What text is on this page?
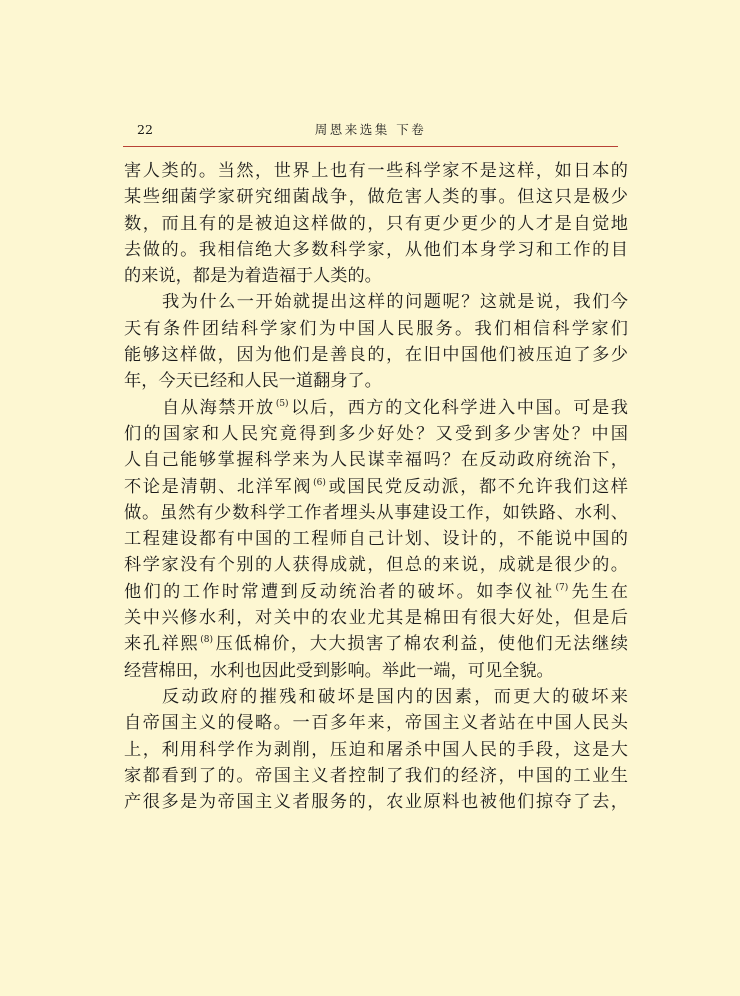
22	周恩来选集 下卷
害人类的。当然，世界上也有一些科学家不是这样，如日本的
某些细菌学家研究细菌战争，做危害人类的事。但这只是极少
数，而且有的是被迫这样做的，只有更少更少的人才是自觉地
去做的。我相信绝大多数科学家，从他们本身学习和工作的目
的来说，都是为着造福于人类的。
我为什么一开始就提出这样的问题呢？这就是说，我们今
天有条件团结科学家们为中国人民服务。我们相信科学家们
能够这样做，因为他们是善良的，在旧中国他们被压迫了多少
年，今天已经和人民一道翻身了。
自从海禁开放$^{(5)}$以后，西方的文化科学进入中国。可是我
们的国家和人民究竟得到多少好处？又受到多少害处？中国
人自己能够掌握科学来为人民谋幸福吗？在反动政府统治下，
不论是清朝、北洋军阀$^{(6)}$或国民党反动派，都不允许我们这样
做。虽然有少数科学工作者埋头从事建设工作，如铁路、水利、
工程建设都有中国的工程师自己计划、设计的，不能说中国的
科学家没有个别的人获得成就，但总的来说，成就是很少的。
他们的工作时常遭到反动统治者的破坏。如李仪祉$^{(7)}$先生在
关中兴修水利，对关中的农业尤其是棉田有很大好处，但是后
来孔祥熙$^{(8)}$压低棉价，大大损害了棉农利益，使他们无法继续
经营棉田，水利也因此受到影响。举此一端，可见全貌。
反动政府的摧残和破坏是国内的因素，而更大的破坏来
自帝国主义的侵略。一百多年来，帝国主义者站在中国人民头
上，利用科学作为剥削，压迫和屠杀中国人民的手段，这是大
家都看到了的。帝国主义者控制了我们的经济，中国的工业生
产很多是为帝国主义者服务的，农业原料也被他们掠夺了去，
